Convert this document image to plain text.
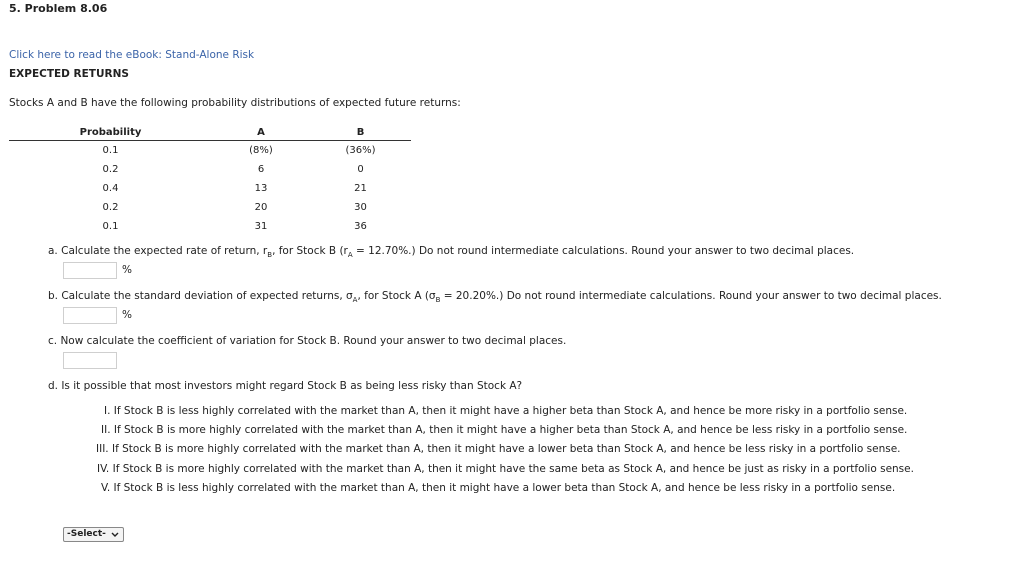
5. Problem 8.06
Click here to read the eBook: Stand-Alone Risk
EXPECTED RETURNS
Stocks A and B have the following probability distributions of expected future returns:
Probability	A	B
0.1	(8%)	(36%)
0.2	6	0
0.4	13	21
0.2	20	30
0.1	31	36
a. Calculate the expected rate of return, $r_B$, for Stock B $(r_A = 12.70\%.)$ Do not round intermediate calculations. Round your answer to two decimal places.
%
b. Calculate the standard deviation of expected returns, $\sigma_A$, for Stock A $(\sigma_B = 20.20\%.)$ Do not round intermediate calculations. Round your answer to two decimal places.
%
c. Now calculate the coefficient of variation for Stock B. Round your answer to two decimal places.
d. Is it possible that most investors might regard Stock B as being less risky than Stock A?
I. If Stock B is less highly correlated with the market than A, then it might have a higher beta than Stock A, and hence be more risky in a portfolio sense.
II. If Stock B is more highly correlated with the market than A, then it might have a higher beta than Stock A, and hence be less risky in a portfolio sense.
III. If Stock B is more highly correlated with the market than A, then it might have a lower beta than Stock A, and hence be less risky in a portfolio sense.
IV. If Stock B is more highly correlated with the market than A, then it might have the same beta as Stock A, and hence be just as risky in a portfolio sense.
V. If Stock B is less highly correlated with the market than A, then it might have a lower beta than Stock A, and hence be less risky in a portfolio sense.
-Select-
